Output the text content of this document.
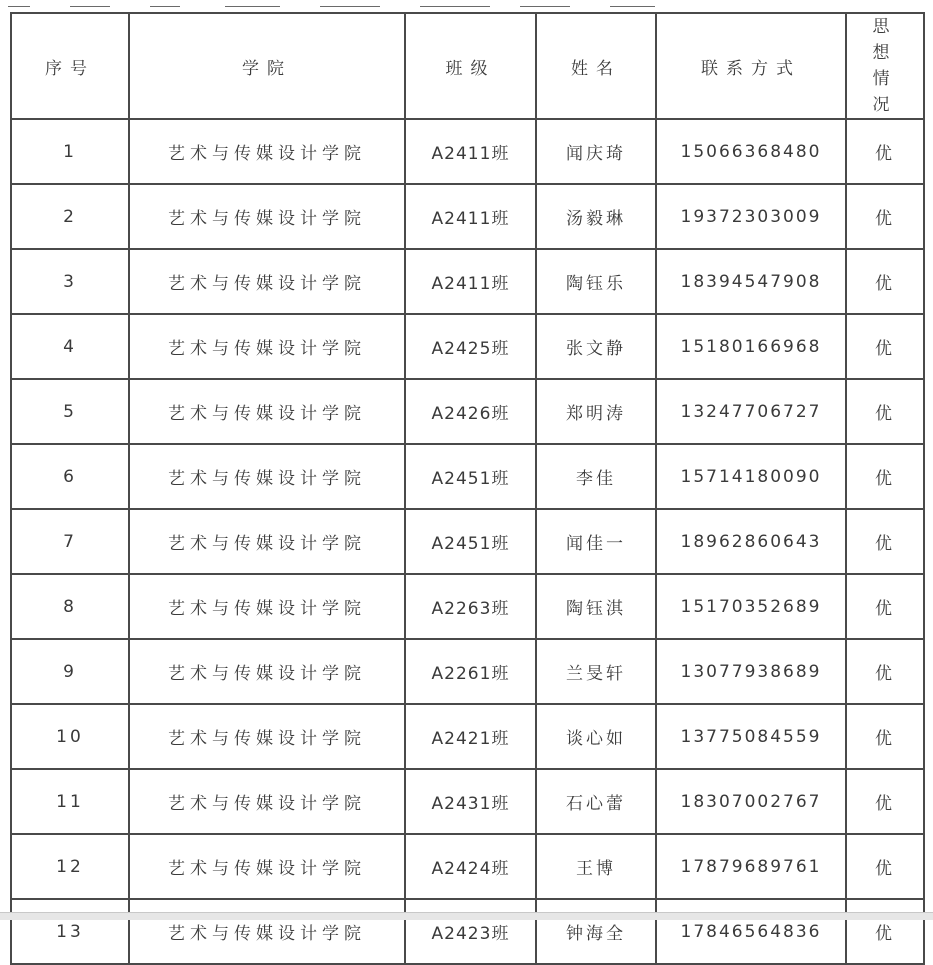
序号	学院	班级	姓名	联系方式	思想情况
1	艺术与传媒设计学院	A2411班	闻庆琦	15066368480	优
2	艺术与传媒设计学院	A2411班	汤毅琳	19372303009	优
3	艺术与传媒设计学院	A2411班	陶钰乐	18394547908	优
4	艺术与传媒设计学院	A2425班	张文静	15180166968	优
5	艺术与传媒设计学院	A2426班	郑明涛	13247706727	优
6	艺术与传媒设计学院	A2451班	李佳	15714180090	优
7	艺术与传媒设计学院	A2451班	闻佳一	18962860643	优
8	艺术与传媒设计学院	A2263班	陶钰淇	15170352689	优
9	艺术与传媒设计学院	A2261班	兰旻轩	13077938689	优
10	艺术与传媒设计学院	A2421班	谈心如	13775084559	优
11	艺术与传媒设计学院	A2431班	石心蕾	18307002767	优
12	艺术与传媒设计学院	A2424班	王博	17879689761	优
13	艺术与传媒设计学院	A2423班	钟海全	17846564836	优
